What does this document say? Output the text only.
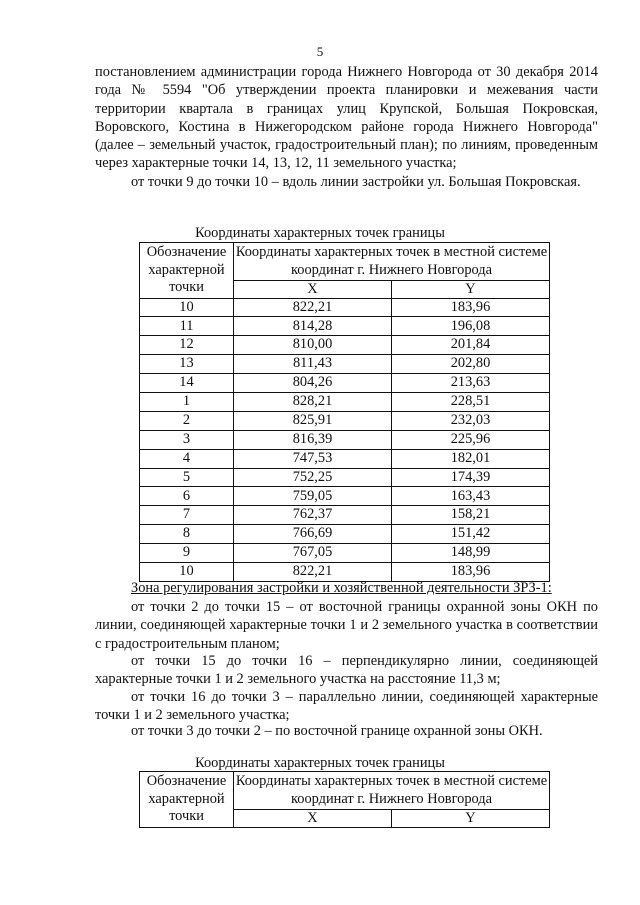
5

постановлением администрации города Нижнего Новгорода от 30 декабря 2014 года № 5594 "Об утверждении проекта планировки и межевания части территории квартала в границах улиц Крупской, Большая Покровская, Воровского, Костина в Нижегородском районе города Нижнего Новгорода" (далее – земельный участок, градостроительный план); по линиям, проведенным через характерные точки 14, 13, 12, 11 земельного участка;

от точки 9 до точки 10 – вдоль линии застройки ул. Большая Покровская.

Координаты характерных точек границы
Обозначение характерной точки	Координаты характерных точек в местной системе координат г. Нижнего Новгорода	
	X	Y
10	822,21	183,96
11	814,28	196,08
12	810,00	201,84
13	811,43	202,80
14	804,26	213,63
1	828,21	228,51
2	825,91	232,03
3	816,39	225,96
4	747,53	182,01
5	752,25	174,39
6	759,05	163,43
7	762,37	158,21
8	766,69	151,42
9	767,05	148,99
10	822,21	183,96
Зона регулирования застройки и хозяйственной деятельности ЗРЗ-1:

от точки 2 до точки 15 – от восточной границы охранной зоны ОКН по линии, соединяющей характерные точки 1 и 2 земельного участка в соответствии с градостроительным планом;

от точки 15 до точки 16 – перпендикулярно линии, соединяющей характерные точки 1 и 2 земельного участка на расстояние 11,3 м;

от точки 16 до точки 3 – параллельно линии, соединяющей характерные точки 1 и 2 земельного участка;

от точки 3 до точки 2 – по восточной границе охранной зоны ОКН.

Координаты характерных точек границы
Обозначение характерной точки	Координаты характерных точек в местной системе координат г. Нижнего Новгорода	
	X	Y
